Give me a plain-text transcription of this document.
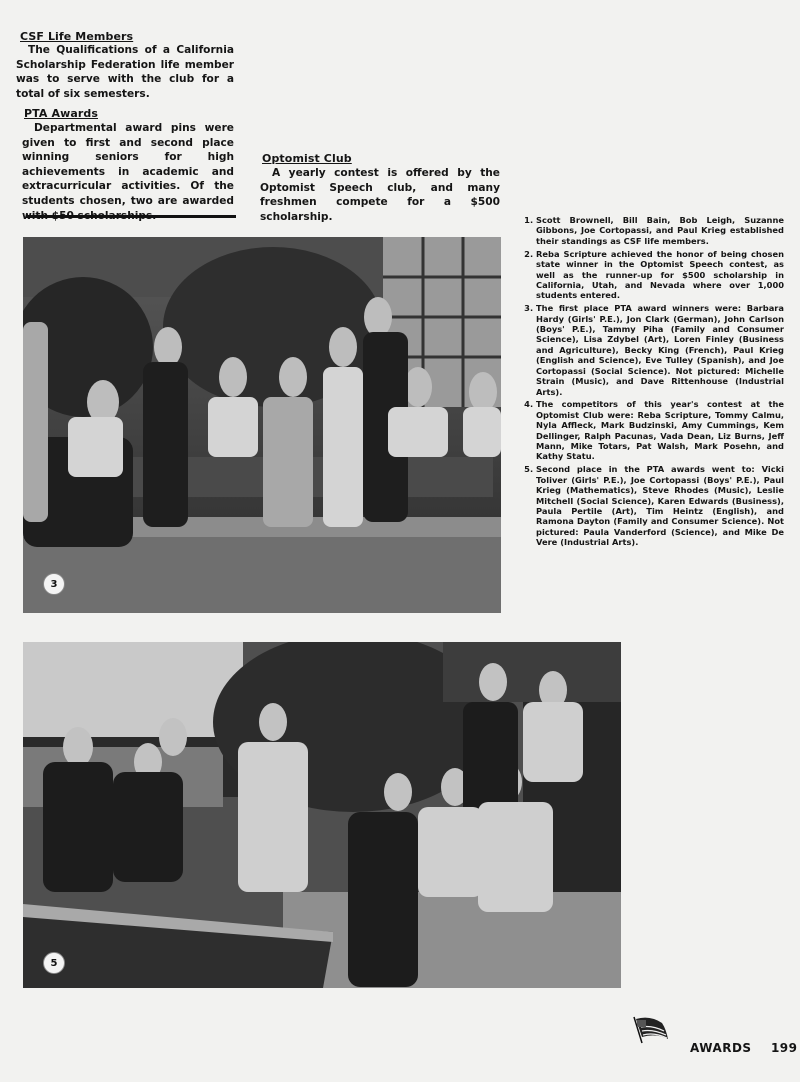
CSF Life Members

The Qualifications of a California Scholarship Federation life member was to serve with the club for a total of six semesters.

PTA Awards

Departmental award pins were given to first and second place winning seniors for high achievements in academic and extracurricular activities. Of the students chosen, two are awarded with $50 scholarships.

Optomist Club

A yearly contest is offered by the Optomist Speech club, and many freshmen compete for a $500 scholarship.

1.	Scott Brownell, Bill Bain, Bob Leigh, Suzanne Gibbons, Joe Cortopassi, and Paul Krieg established their standings as CSF life members.
2. Reba Scripture achieved the honor of being chosen state winner in the Optomist Speech contest, as well as the runner-up for $500 scholarship in California, Utah, and Nevada where over 1,000 students entered.
3. The first place PTA award winners were: Barbara Hardy (Girls' P.E.), Jon Clark (German), John Carlson (Boys' P.E.), Tammy Piha (Family and Consumer Science), Lisa Zdybel (Art), Loren Finley (Business and Agriculture), Becky King (French), Paul Krieg (English and Science), Eve Tulley (Spanish), and Joe Cortopassi (Social Science). Not pictured: Michelle Strain (Music), and Dave Rittenhouse (Industrial Arts).
4. The competitors of this year's contest at the Optomist Club were: Reba Scripture, Tommy Calmu, Nyla Affleck, Mark Budzinski, Amy Cummings, Kem Dellinger, Ralph Pacunas, Vada Dean, Liz Burns, Jeff Mann, Mike Totars, Pat Walsh, Mark Posehn, and Kathy Statu.
5. Second place in the PTA awards went to: Vicki Toliver (Girls' P.E.), Joe Cortopassi (Boys' P.E.), Paul Krieg (Mathematics), Steve Rhodes (Music), Leslie Mitchell (Social Science), Karen Edwards (Business), Paula Pertile (Art), Tim Heintz (English), and Ramona Dayton (Family and Consumer Science). Not pictured: Paula Vanderford (Science), and Mike De Vere (Industrial Arts).
3
5
AWARDS 199
